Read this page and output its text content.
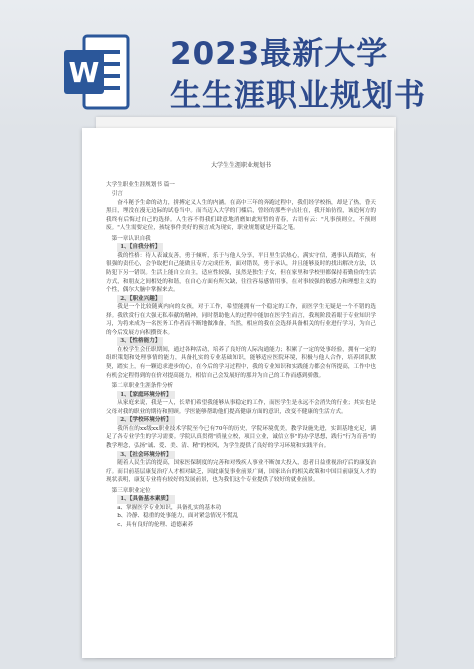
W
2023最新大学
生生涯职业规划书
大学生生涯职业规划书
大学生职业生涯规划书 篇一
引言

奋斗秘予生命的动力，拼搏定义人生的内涵。在高中三年的奔跑过程中，我们经学校指，却是了热，昏天黑日，埋没在漫无边际的试卷当中。而当迈入大学的门槛后，曾经的那些辛点壮在，我开始彷徨，该追何方的我终有后悔过自己的选择。人生容不得我们肆意地消磨如此短暂的青春，古语有云："凡事预则立，不预则废。"人生需要定位，孩绽事件美好的预言成为现实，职业规划就是开篇之笔。

第一章认识自我
1、【自我分析】

我的性格：待人表诚友善，勇于倾听，乐于与他人分享，平日里生活热心，满实守信，遇事认真踏实，有很强的责任心，会争取把自己能做且专力完成任务，面对错误，勇于承认，并且能够及时的找出解决方法，以防犯下另一错误。生活上能自立自主，适应性较强，虽然是独生子女，但在家里和学校里都保持着勤俭的生活方式，和朋友之间相处的和谐，在自心方面有所欠缺，往往容易感情用事，在对事较强的敏感力和理想主义的个性，偶尔大脑中掌握来去。

2、【职业兴趣】

我是一个比较随爽内向的女孩，对于工作，希望能拥有一个稳定的工作，而医学生无疑是一个不错的选择。我欣赏行在大强无私奉献的精神，同时帮助他人的过程中能加在医学生而言，我现阶段着眼于专业知识学习，为将来成为一名医务工作者而不断地做准备，当然，相应的我在会选择具备相关的行业进行学习，为自己的今后发展方向积攒资本。

3、【性格能力】

在校学生会任职期间，通过各种活动，培养了良好的人际沟通能力；积累了一定的处事经验，拥有一定的组织策划和处理事情的能力，具备扎实的专业基础知识，能够适应医院环境，积极与他人合作，培养团队默契，踏实上，有一颗追求进步的心，在今后的学习过程中，我的专业知识和实践能力都会有所提高，工作中也有机会定程得到的在价对提高能力，相信自己会发展好的那并为自己的工作而感到骄傲。

第二章职业生涯条件分析
1、【家庭环境分析】

从家庭来说，我是一人，长辈们希望我能够从事稳定的工作，而医学生是永远不会消失的行业；其实也是父母对我的职业的期待和照顾。学医能够帮助他们提高健康方面的意识，改变不健康的生活方式。

2、【学校环境分析】

我所在的xx级xx职业技术学院至今已有70年的历史，学院环境优美，教学设施先进，实训基地充足，满足了各专业学生的学习需要。学院认真贯彻"质量立校，项目立业，诚信立事"的办学思想，践行"行为育善"的教学理念，弘扬"诚、爱、美、清、精"的校风，为学生提供了良好的学习环境和实践平台。

3、【社会环境分析】

随着人民生活的提高，国家医保制度的完善和对残疾人事业不断加大投入，患者日益重视治疗后的康复治疗。而目前基层康复治疗人才相对缺乏，因此康复事业前景广阔，国家出台的相关政策和中国目前康复人才的现状表明，康复专业将有较好的发展前景，也为我们这个专业提供了较好的就业前景。

第三章职业定位
1、【具备基本素质】
a、掌握医学专业知识，具备扎实的基本功
b、冷静、稳重的处事能力，面对紧急情况不慌乱
c、具有良好的伦理、道德素养
